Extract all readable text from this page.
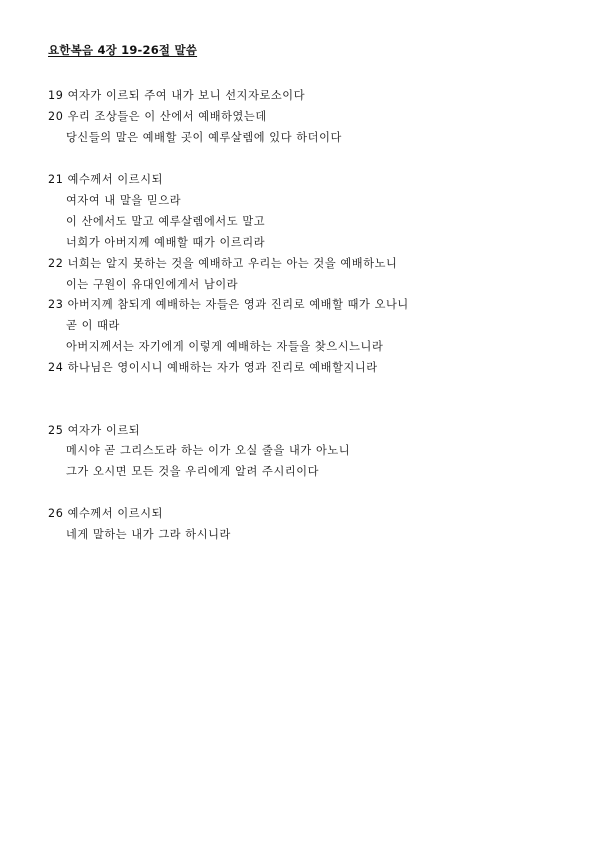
요한복음 4장 19-26절 말씀
19 여자가 이르되 주여 내가 보니 선지자로소이다
20 우리 조상들은 이 산에서 예배하였는데
당신들의 말은 예배할 곳이 예루살렘에 있다 하더이다
21 예수께서 이르시되
여자여 내 말을 믿으라
이 산에서도 말고 예루살렘에서도 말고
너희가 아버지께 예배할 때가 이르리라
22 너희는 알지 못하는 것을 예배하고 우리는 아는 것을 예배하노니
이는 구원이 유대인에게서 남이라
23 아버지께 참되게 예배하는 자들은 영과 진리로 예배할 때가 오나니
곧 이 때라
아버지께서는 자기에게 이렇게 예배하는 자들을 찾으시느니라
24 하나님은 영이시니 예배하는 자가 영과 진리로 예배할지니라
25 여자가 이르되
메시야 곧 그리스도라 하는 이가 오실 줄을 내가 아노니
그가 오시면 모든 것을 우리에게 알려 주시리이다
26 예수께서 이르시되
네게 말하는 내가 그라 하시니라
